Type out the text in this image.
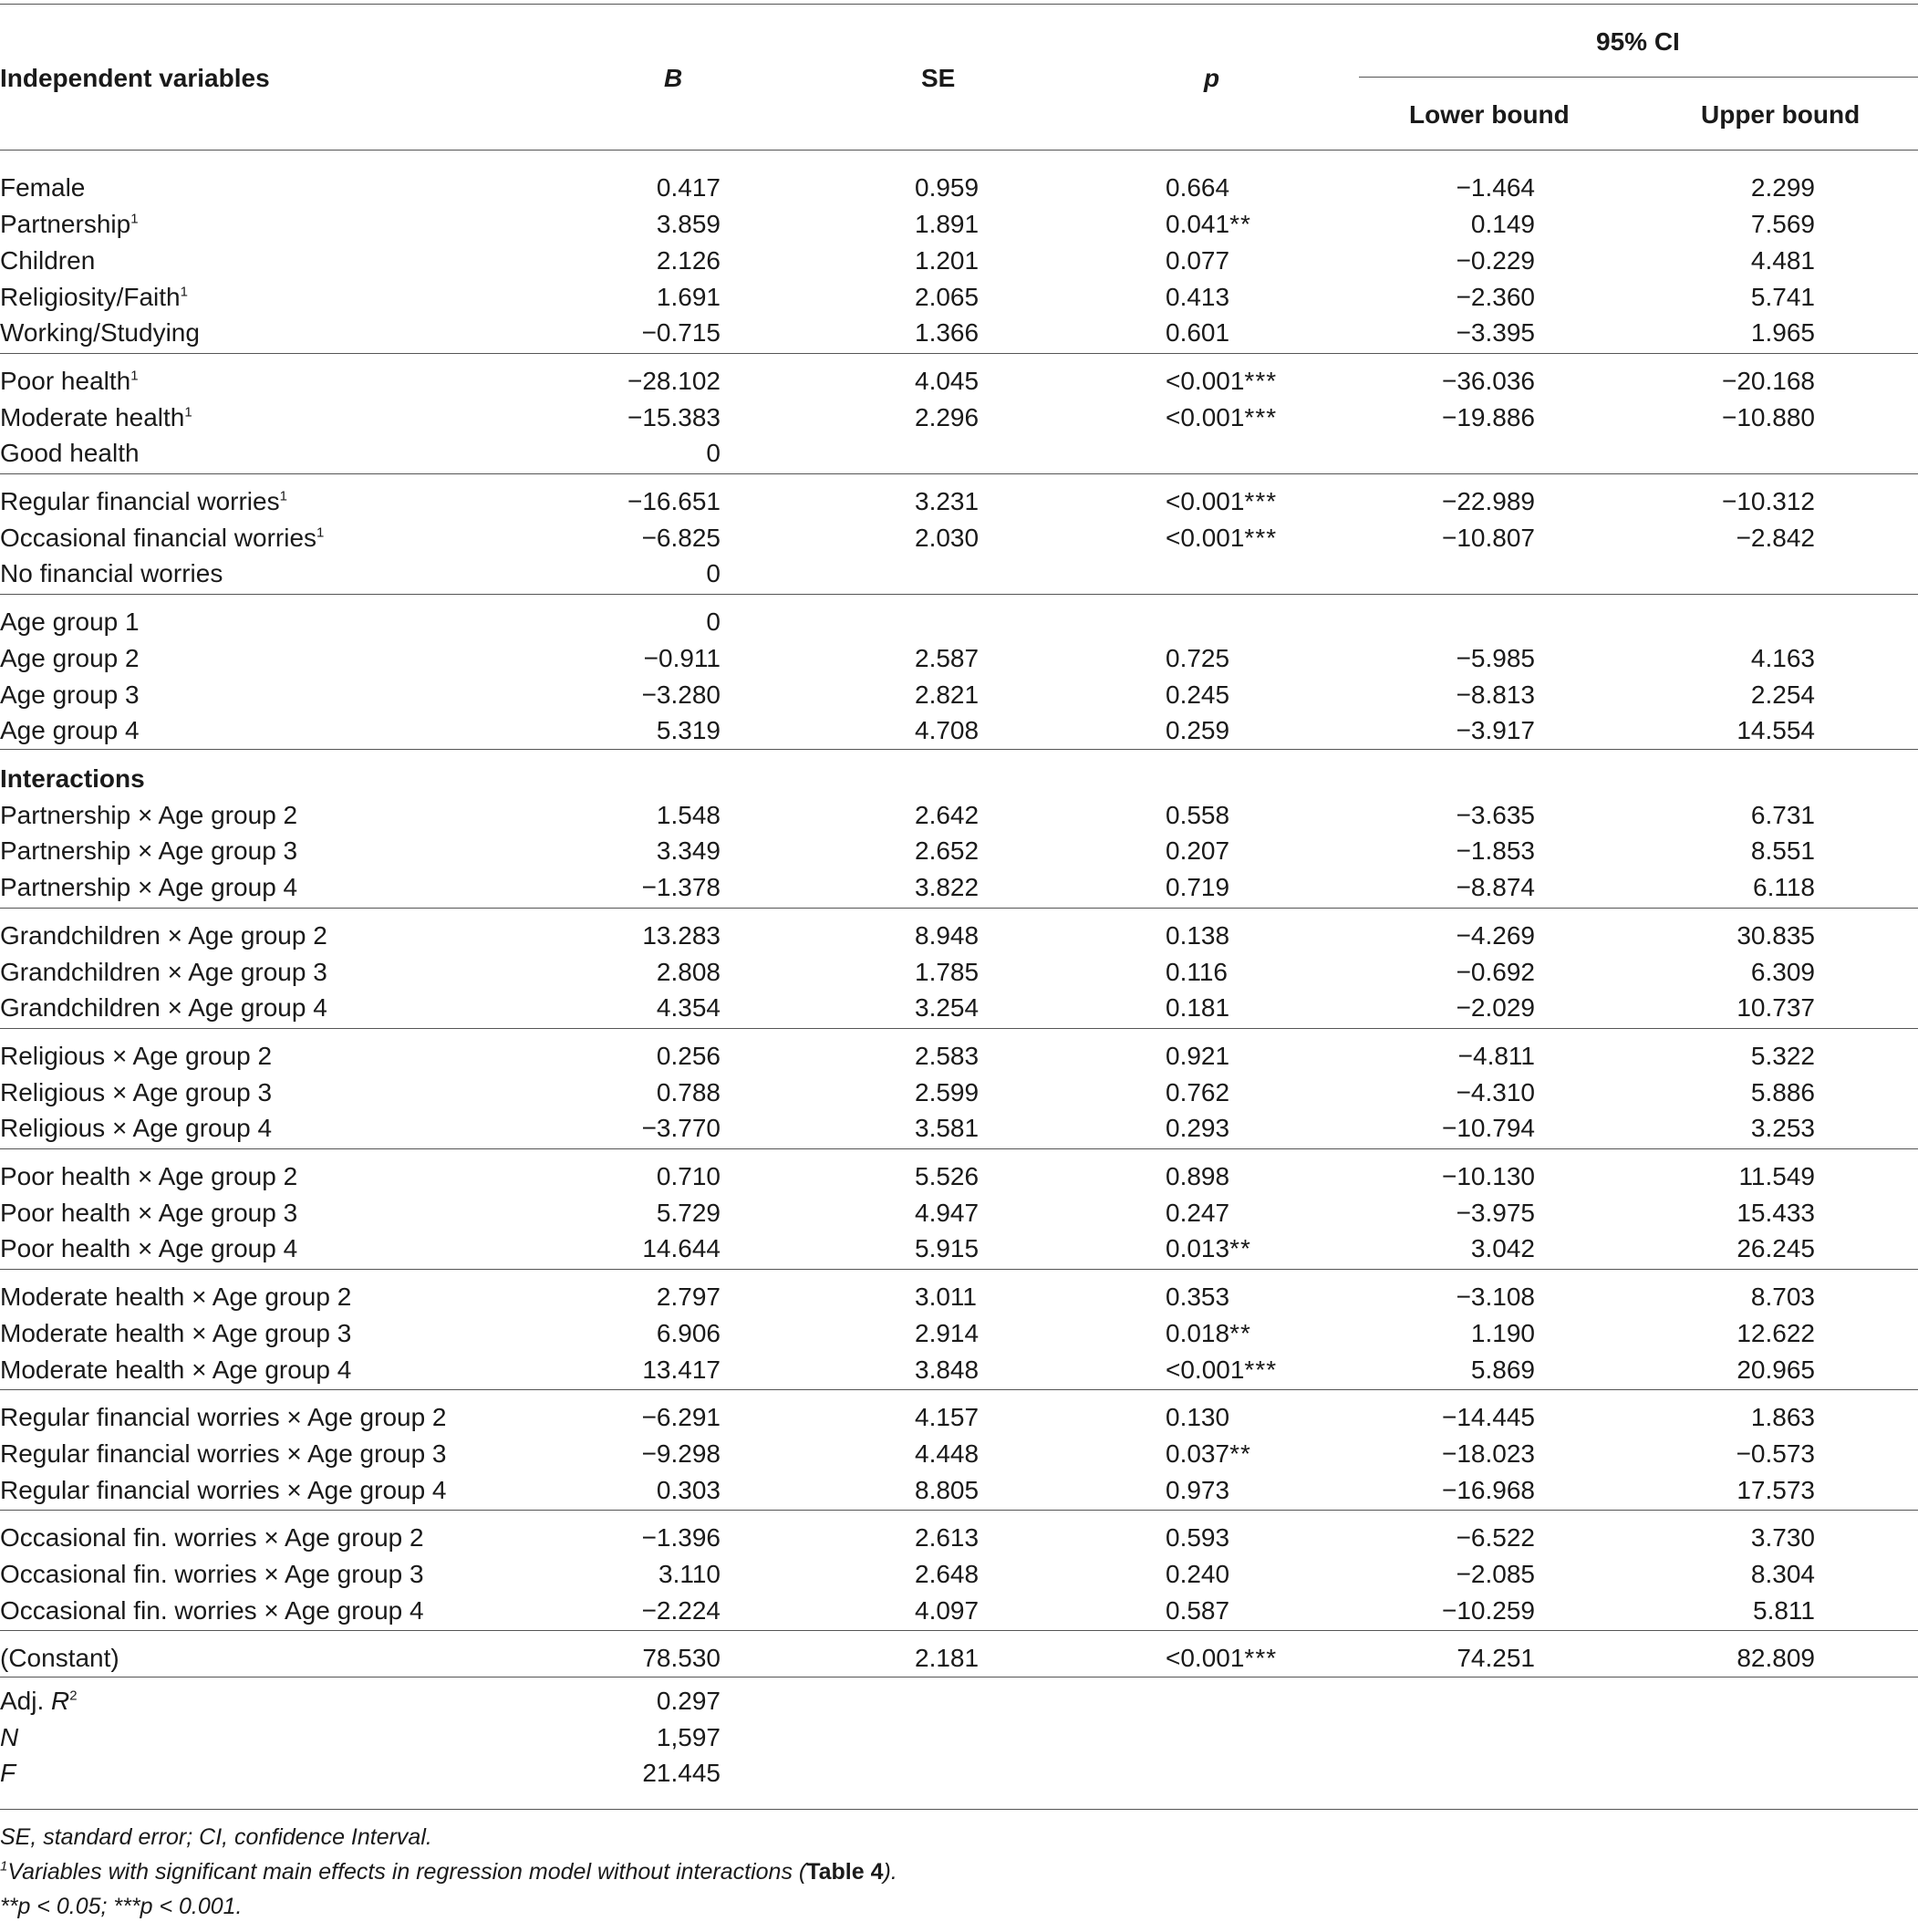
Independent variables	B	SE	p
95% CI
Lower bound	Upper bound
Female	0.417	0.959	0.664	−1.464	2.299
Partnership$^1$	3.859	1.891	0.041**	0.149	7.569
Children	2.126	1.201	0.077	−0.229	4.481
Religiosity/Faith$^1$	1.691	2.065	0.413	−2.360	5.741
Working/Studying	−0.715	1.366	0.601	−3.395	1.965
Poor health$^1$	−28.102	4.045	<0.001***	−36.036	−20.168
Moderate health$^1$	−15.383	2.296	<0.001***	−19.886	−10.880
Good health	0
Regular financial worries$^1$	−16.651	3.231	<0.001***	−22.989	−10.312
Occasional financial worries$^1$	−6.825	2.030	<0.001***	−10.807	−2.842
No financial worries	0
Age group 1	0
Age group 2	−0.911	2.587	0.725	−5.985	4.163
Age group 3	−3.280	2.821	0.245	−8.813	2.254
Age group 4	5.319	4.708	0.259	−3.917	14.554
Interactions
Partnership × Age group 2	1.548	2.642	0.558	−3.635	6.731
Partnership × Age group 3	3.349	2.652	0.207	−1.853	8.551
Partnership × Age group 4	−1.378	3.822	0.719	−8.874	6.118
Grandchildren × Age group 2	13.283	8.948	0.138	−4.269	30.835
Grandchildren × Age group 3	2.808	1.785	0.116	−0.692	6.309
Grandchildren × Age group 4	4.354	3.254	0.181	−2.029	10.737
Religious × Age group 2	0.256	2.583	0.921	−4.811	5.322
Religious × Age group 3	0.788	2.599	0.762	−4.310	5.886
Religious × Age group 4	−3.770	3.581	0.293	−10.794	3.253
Poor health × Age group 2	0.710	5.526	0.898	−10.130	11.549
Poor health × Age group 3	5.729	4.947	0.247	−3.975	15.433
Poor health × Age group 4	14.644	5.915	0.013**	3.042	26.245
Moderate health × Age group 2	2.797	3.011	0.353	−3.108	8.703
Moderate health × Age group 3	6.906	2.914	0.018**	1.190	12.622
Moderate health × Age group 4	13.417	3.848	<0.001***	5.869	20.965
Regular financial worries × Age group 2	−6.291	4.157	0.130	−14.445	1.863
Regular financial worries × Age group 3	−9.298	4.448	0.037**	−18.023	−0.573
Regular financial worries × Age group 4	0.303	8.805	0.973	−16.968	17.573
Occasional fin. worries × Age group 2	−1.396	2.613	0.593	−6.522	3.730
Occasional fin. worries × Age group 3	3.110	2.648	0.240	−2.085	8.304
Occasional fin. worries × Age group 4	−2.224	4.097	0.587	−10.259	5.811
(Constant)	78.530	2.181	<0.001***	74.251	82.809
Adj. $R^2$	0.297
N	1,597
F	21.445
SE, standard error; CI, confidence Interval.
$^1$Variables with significant main effects in regression model without interactions (Table 4).
**p < 0.05; ***p < 0.001.
